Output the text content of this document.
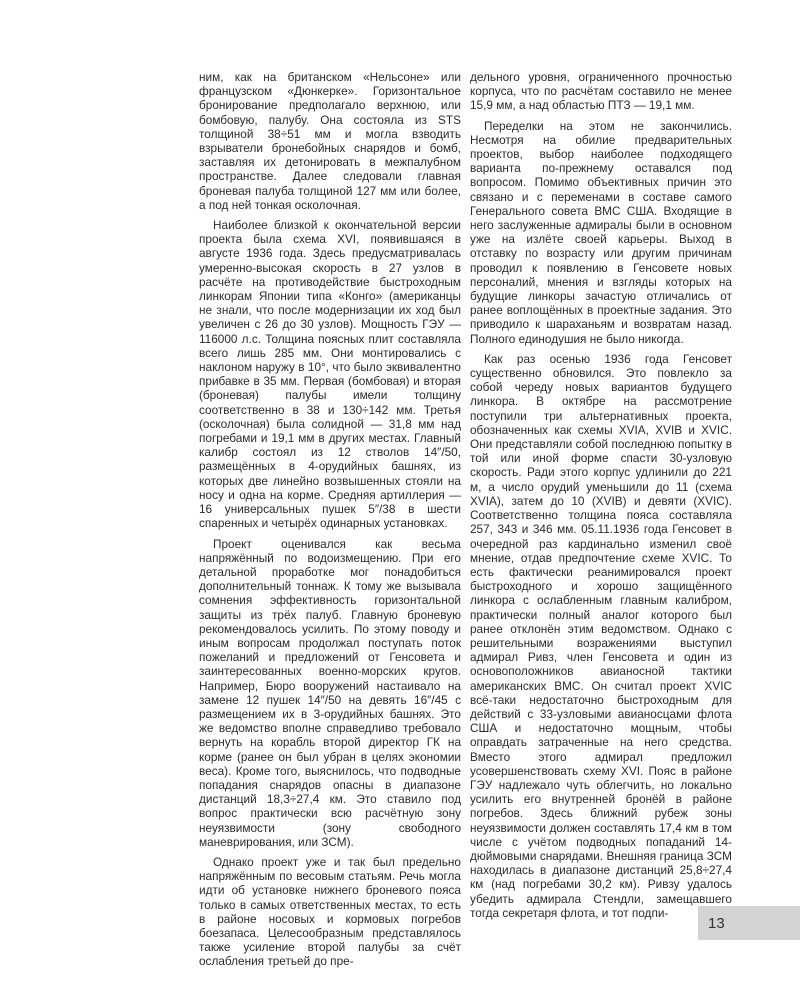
ним, как на британском «Нельсоне» или французском «Дюнкерке». Горизонтальное бронирование предполагало верхнюю, или бомбовую, палубу. Она состояла из STS толщиной 38÷51 мм и могла взводить взрыватели бронебойных снарядов и бомб, заставляя их детонировать в межпалубном пространстве. Далее следовали главная броневая палуба толщиной 127 мм или более, а под ней тонкая осколочная.

Наиболее близкой к окончательной версии проекта была схема XVI, появившаяся в августе 1936 года. Здесь предусматривалась умеренно-высокая скорость в 27 узлов в расчёте на противодействие быстроходным линкорам Японии типа «Конго» (американцы не знали, что после модернизации их ход был увеличен с 26 до 30 узлов). Мощность ГЭУ — 116000 л.с. Толщина поясных плит составляла всего лишь 285 мм. Они монтировались с наклоном наружу в 10°, что было эквивалентно прибавке в 35 мм. Первая (бомбовая) и вторая (броневая) палубы имели толщину соответственно в 38 и 130÷142 мм. Третья (осколочная) была солидной — 31,8 мм над погребами и 19,1 мм в других местах. Главный калибр состоял из 12 стволов 14″/50, размещённых в 4-орудийных башнях, из которых две линейно возвышенных стояли на носу и одна на корме. Средняя артиллерия — 16 универсальных пушек 5″/38 в шести спаренных и четырёх одинарных установках.

Проект оценивался как весьма напряжённый по водоизмещению. При его детальной проработке мог понадобиться дополнительный тоннаж. К тому же вызывала сомнения эффективность горизонтальной защиты из трёх палуб. Главную броневую рекомендовалось усилить. По этому поводу и иным вопросам продолжал поступать поток пожеланий и предложений от Генсовета и заинтересованных военно-морских кругов. Например, Бюро вооружений настаивало на замене 12 пушек 14″/50 на девять 16″/45 с размещением их в 3-орудийных башнях. Это же ведомство вполне справедливо требовало вернуть на корабль второй директор ГК на корме (ранее он был убран в целях экономии веса). Кроме того, выяснилось, что подводные попадания снарядов опасны в диапазоне дистанций 18,3÷27,4 км. Это ставило под вопрос практически всю расчётную зону неуязвимости (зону свободного маневрирования, или ЗСМ).

Однако проект уже и так был предельно напряжённым по весовым статьям. Речь могла идти об установке нижнего броневого пояса только в самых ответственных местах, то есть в районе носовых и кормовых погребов боезапаса. Целесообразным представлялось также усиление второй палубы за счёт ослабления третьей до пре-

дельного уровня, ограниченного прочностью корпуса, что по расчётам составило не менее 15,9 мм, а над областью ПТЗ — 19,1 мм.

Переделки на этом не закончились. Несмотря на обилие предварительных проектов, выбор наиболее подходящего варианта по-прежнему оставался под вопросом. Помимо объективных причин это связано и с переменами в составе самого Генерального совета ВМС США. Входящие в него заслуженные адмиралы были в основном уже на излёте своей карьеры. Выход в отставку по возрасту или другим причинам проводил к появлению в Генсовете новых персоналий, мнения и взгляды которых на будущие линкоры зачастую отличались от ранее воплощённых в проектные задания. Это приводило к шараханьям и возвратам назад. Полного единодушия не было никогда.

Как раз осенью 1936 года Генсовет существенно обновился. Это повлекло за собой череду новых вариантов будущего линкора. В октябре на рассмотрение поступили три альтернативных проекта, обозначенных как схемы XVIA, XVIB и XVIC. Они представляли собой последнюю попытку в той или иной форме спасти 30-узловую скорость. Ради этого корпус удлинили до 221 м, а число орудий уменьшили до 11 (схема XVIA), затем до 10 (XVIB) и девяти (XVIC). Соответственно толщина пояса составляла 257, 343 и 346 мм. 05.11.1936 года Генсовет в очередной раз кардинально изменил своё мнение, отдав предпочтение схеме XVIC. То есть фактически реанимировался проект быстроходного и хорошо защищённого линкора с ослабленным главным калибром, практически полный аналог которого был ранее отклонён этим ведомством. Однако с решительными возражениями выступил адмирал Ривз, член Генсовета и один из основоположников авианосной тактики американских ВМС. Он считал проект XVIC всё-таки недостаточно быстроходным для действий с 33-узловыми авианосцами флота США и недостаточно мощным, чтобы оправдать затраченные на него средства. Вместо этого адмирал предложил усовершенствовать схему XVI. Пояс в районе ГЭУ надлежало чуть облегчить, но локально усилить его внутренней бронёй в районе погребов. Здесь ближний рубеж зоны неуязвимости должен составлять 17,4 км в том числе с учётом подводных попаданий 14-дюймовыми снарядами. Внешняя граница ЗСМ находилась в диапазоне дистанций 25,8÷27,4 км (над погребами 30,2 км). Ривзу удалось убедить адмирала Стендли, замещавшего тогда секретаря флота, и тот подпи-

13
